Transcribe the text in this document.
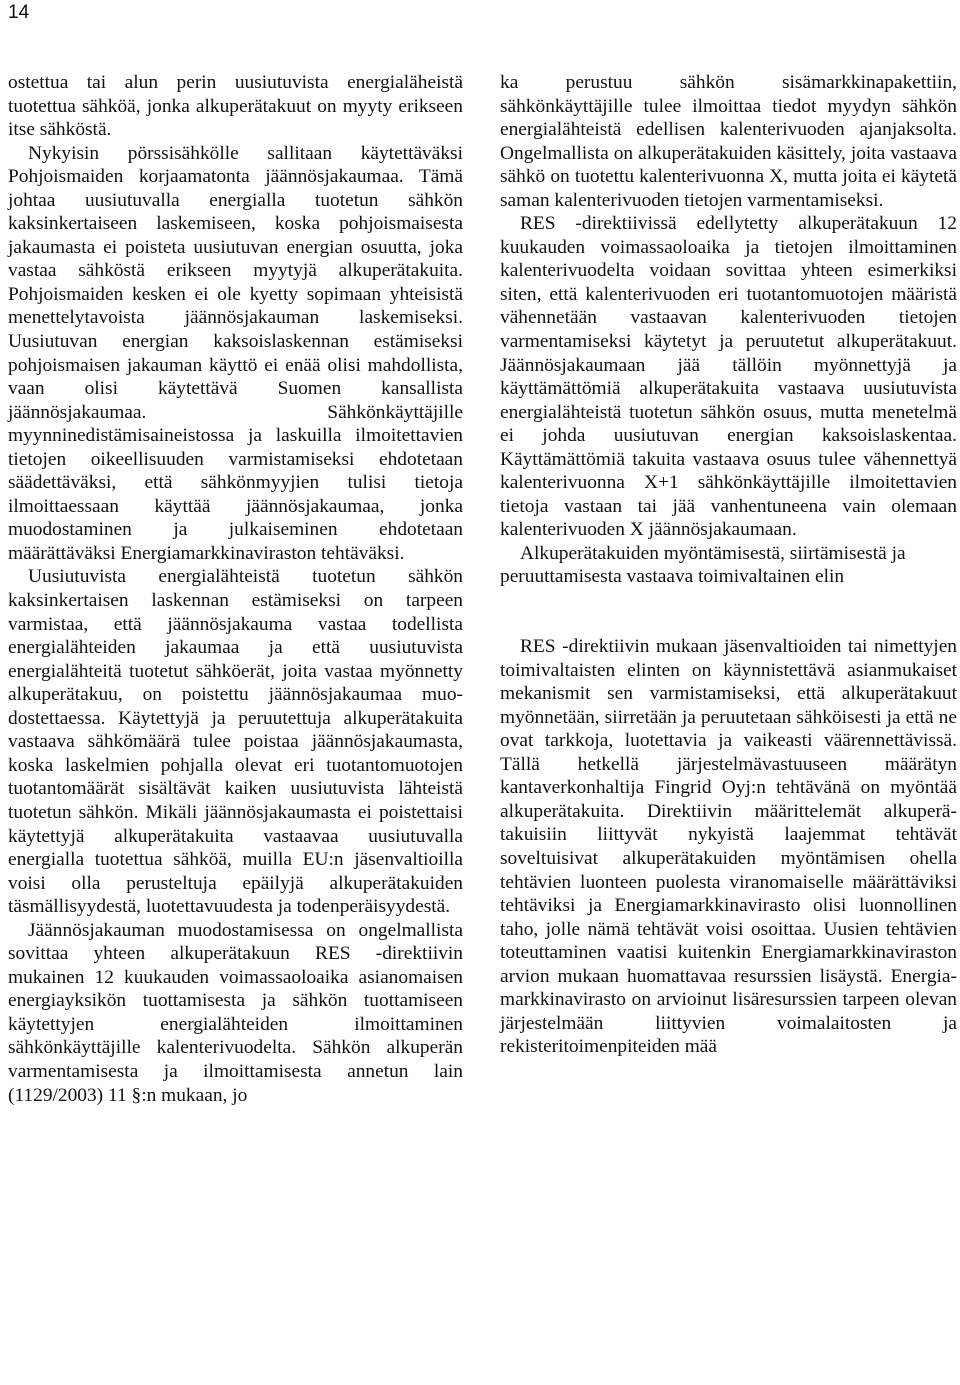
14

ostettua tai alun perin uusiutuvista energialäheistä tuotettua sähköä, jonka alkuperätakuut on myyty erikseen itse sähköstä.

Nykyisin pörssisähkölle sallitaan käytettäväksi Pohjoismaiden korjaamatonta jäännösjakaumaa. Tämä johtaa uusiutuvalla energialla tuotetun sähkön kaksinkertaiseen laskemiseen, koska pohjoismaisesta jakaumasta ei poisteta uusiutuvan energian osuutta, joka vastaa sähköstä erikseen myytyjä alkuperätakuita. Pohjoismaiden kesken ei ole kyetty sopimaan yhteisistä menettelytavoista jäännösjakauman laskemiseksi. Uusiutuvan energian kaksoislaskennan estämiseksi pohjoismaisen jakauman käyttö ei enää olisi mahdollista, vaan olisi käytettävä Suomen kansallista jäännösjakaumaa. Sähkönkäyttäjille myynninedistämisaineistossa ja laskuilla ilmoitettavien tietojen oikeellisuuden varmistamiseksi ehdotetaan säädettäväksi, että sähkönmyyjien tulisi tietoja ilmoittaessaan käyttää jäännösjakaumaa, jonka muodostaminen ja julkaiseminen ehdotetaan määrättäväksi Energiamarkkinaviraston tehtäväksi.

Uusiutuvista energialähteistä tuotetun sähkön kaksinkertaisen laskennan estämiseksi on tarpeen varmistaa, että jäännösjakauma vastaa todellista energialähteiden jakaumaa ja että uusiutuvista energialähteitä tuotetut sähköerät, joita vastaa myönnetty alkuperätakuu, on poistettu jäännösjakaumaa muodostettaessa. Käytettyjä ja peruutettuja alkuperätakuita vastaava sähkömäärä tulee poistaa jäännösjakaumasta, koska laskelmien pohjalla olevat eri tuotantomuotojen tuotantomäärät sisältävät kaiken uusiutuvista lähteistä tuotetun sähkön. Mikäli jäännösjakaumasta ei poistettaisi käytettyjä alkuperätakuita vastaavaa uusiutuvalla energialla tuotettua sähköä, muilla EU:n jäsenvaltioilla voisi olla perusteltuja epäilyjä alkuperätakuiden täsmällisyydestä, luotettavuudesta ja todenperäisyydestä.

Jäännösjakauman muodostamisessa on ongelmallista sovittaa yhteen alkuperätakuun RES -direktiivin mukainen 12 kuukauden voimassaoloaika asianomaisen energiayksikön tuottamisesta ja sähkön tuottamiseen käytettyjen energialähteiden ilmoittaminen sähkönkäyttäjille kalenterivuodelta. Sähkön alkuperän varmentamisesta ja ilmoittamisesta annetun lain (1129/2003) 11 §:n mukaan, jo

ka perustuu sähkön sisämarkkinapakettiin, sähkönkäyttäjille tulee ilmoittaa tiedot myydyn sähkön energialähteistä edellisen kalenterivuoden ajanjaksolta. Ongelmallista on alkuperätakuiden käsittely, joita vastaava sähkö on tuotettu kalenterivuonna X, mutta joita ei käytetä saman kalenterivuoden tietojen varmentamiseksi.

RES -direktiivissä edellytetty alkuperätakuun 12 kuukauden voimassaoloaika ja tietojen ilmoittaminen kalenterivuodelta voidaan sovittaa yhteen esimerkiksi siten, että kalenterivuoden eri tuotantomuotojen määristä vähennetään vastaavan kalenterivuoden tietojen varmentamiseksi käytetyt ja peruutetut alkuperätakuut. Jäännösjakaumaan jää tällöin myönnettyjä ja käyttämättömiä alkuperätakuita vastaava uusiutuvista energialähteistä tuotetun sähkön osuus, mutta menetelmä ei johda uusiutuvan energian kaksoislaskentaa. Käyttämättömiä takuita vastaava osuus tulee vähennettyä kalenterivuonna X+1 sähkönkäyttäjille ilmoitettavien tietoja vastaan tai jää vanhentuneena vain olemaan kalenterivuoden X jäännösjakaumaan.

Alkuperätakuiden myöntämisestä, siirtämisestä ja peruuttamisesta vastaava toimivaltainen elin

RES -direktiivin mukaan jäsenvaltioiden tai nimettyjen toimivaltaisten elinten on käynnistettävä asianmukaiset mekanismit sen varmistamiseksi, että alkuperätakuut myönnetään, siirretään ja peruutetaan sähköisesti ja että ne ovat tarkkoja, luotettavia ja vaikeasti väärennettävissä. Tällä hetkellä järjestelmävastuuseen määrätyn kantaverkonhaltija Fingrid Oyj:n tehtävänä on myöntää alkuperätakuita. Direktiivin määrittelemät alkuperätakuisiin liittyvät nykyistä laajemmat tehtävät soveltuisivat alkuperätakuiden myöntämisen ohella tehtävien luonteen puolesta viranomaiselle määrättäviksi tehtäviksi ja Energiamarkkinavirasto olisi luonnollinen taho, jolle nämä tehtävät voisi osoittaa. Uusien tehtävien toteuttaminen vaatisi kuitenkin Energiamarkkinaviraston arvion mukaan huomattavaa resurssien lisäystä. Energiamarkkinavirasto on arvioinut lisäresurssien tarpeen olevan järjestelmään liittyvien voimalaitosten ja rekisteritoimenpiteiden mää
